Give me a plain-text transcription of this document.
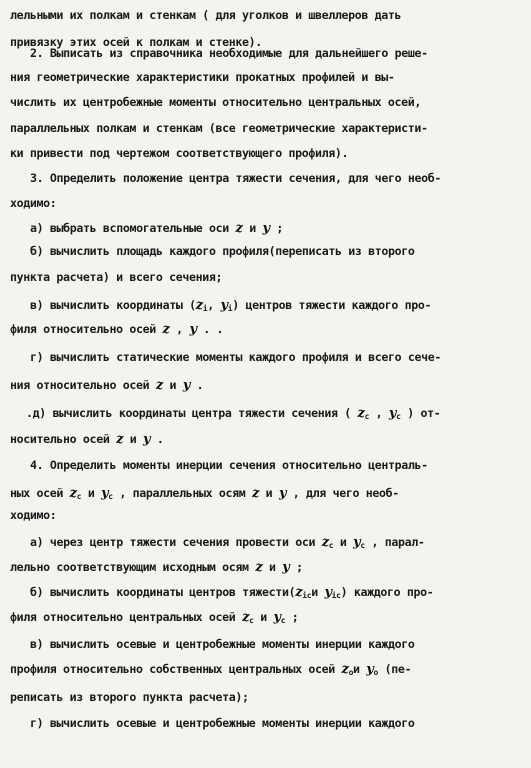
лельными их полкам и стенкам ( для уголков и швеллеров дать
привязку этих осей к полкам и стенке).
2. Выписать из справочника необходимые для дальнейшего реше-
ния геометрические характеристики прокатных профилей и вы-
числить их центробежные моменты относительно центральных осей,
параллельных полкам и стенкам (все геометрические характеристи-
ки привести под чертежом соответствующего профиля).
3. Определить положение центра тяжести сечения, для чего необ-
ходимо:
а) выбрать вспомогательные оси z и y ;
б) вычислить площадь каждого профиля(переписать из второго
пункта расчета) и всего сечения;
в) вычислить координаты ($z_i$, $y_i$) центров тяжести каждого про-
филя относительно осей z , y . .
г) вычислить статические моменты каждого профиля и всего сече-
ния относительно осей z и y .
.д) вычислить координаты центра тяжести сечения ( $z_c$ , $y_c$ ) от-
носительно осей z и y .
4. Определить моменты инерции сечения относительно централь-
ных осей $z_c$ и $y_c$ , параллельных осям z и y , для чего необ-
ходимо:
а) через центр тяжести сечения провести оси $z_c$ и $y_c$ , парал-
лельно соответствующим исходным осям z и y ;
б) вычислить координаты центров $тяжести(z_{ic}и$ $y_{ic}$) каждого про-
филя относительно центральных осей $z_c$ и $y_c$ ;
в) вычислить осевые и центробежные моменты инерции каждого
профиля относительно собственных центральных осей $z_oи$ $y_o$ (пе-
реписать из второго пункта расчета);
г) вычислить осевые и центробежные моменты инерции каждого
